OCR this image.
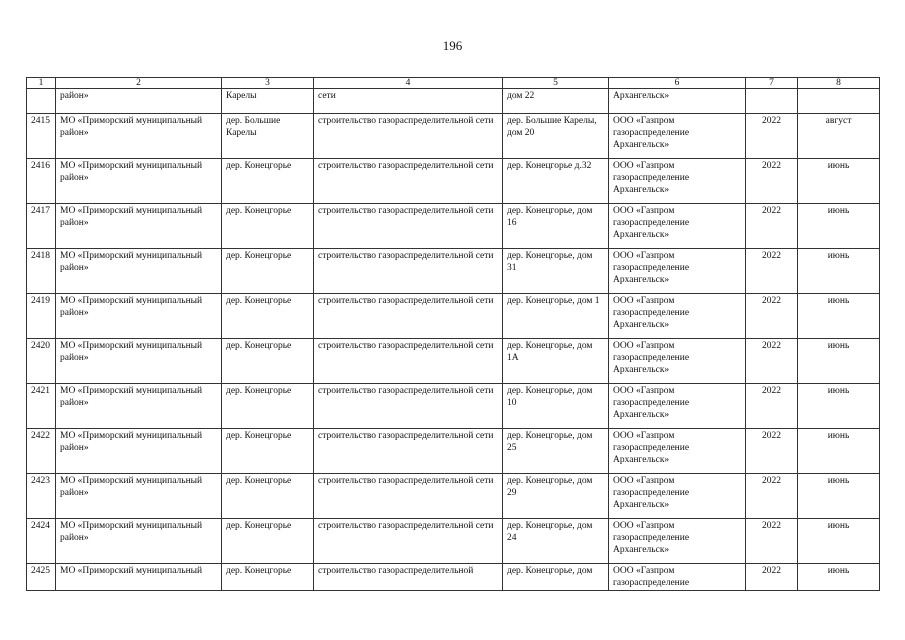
196
1	2	3	4	5	6	7	8
	район»	Карелы	сети	дом 22	Архангельск»		
2415	МО «Приморский муниципальный район»	дер. Большие Карелы	строительство газораспределительной сети	дер. Большие Карелы, дом 20	ООО «Газпром газораспределение Архангельск»	2022	август
2416	МО «Приморский муниципальный район»	дер. Конецгорье	строительство газораспределительной сети	дер. Конецгорье д.32	ООО «Газпром газораспределение Архангельск»	2022	июнь
2417	МО «Приморский муниципальный район»	дер. Конецгорье	строительство газораспределительной сети	дер. Конецгорье, дом 16	ООО «Газпром газораспределение Архангельск»	2022	июнь
2418	МО «Приморский муниципальный район»	дер. Конецгорье	строительство газораспределительной сети	дер. Конецгорье, дом 31	ООО «Газпром газораспределение Архангельск»	2022	июнь
2419	МО «Приморский муниципальный район»	дер. Конецгорье	строительство газораспределительной сети	дер. Конецгорье, дом 1	ООО «Газпром газораспределение Архангельск»	2022	июнь
2420	МО «Приморский муниципальный район»	дер. Конецгорье	строительство газораспределительной сети	дер. Конецгорье, дом 1А	ООО «Газпром газораспределение Архангельск»	2022	июнь
2421	МО «Приморский муниципальный район»	дер. Конецгорье	строительство газораспределительной сети	дер. Конецгорье, дом 10	ООО «Газпром газораспределение Архангельск»	2022	июнь
2422	МО «Приморский муниципальный район»	дер. Конецгорье	строительство газораспределительной сети	дер. Конецгорье, дом 25	ООО «Газпром газораспределение Архангельск»	2022	июнь
2423	МО «Приморский муниципальный район»	дер. Конецгорье	строительство газораспределительной сети	дер. Конецгорье, дом 29	ООО «Газпром газораспределение Архангельск»	2022	июнь
2424	МО «Приморский муниципальный район»	дер. Конецгорье	строительство газораспределительной сети	дер. Конецгорье, дом 24	ООО «Газпром газораспределение Архангельск»	2022	июнь
2425	МО «Приморский муниципальный	дер. Конецгорье	строительство газораспределительной	дер. Конецгорье, дом	ООО «Газпром газораспределение	2022	июнь
